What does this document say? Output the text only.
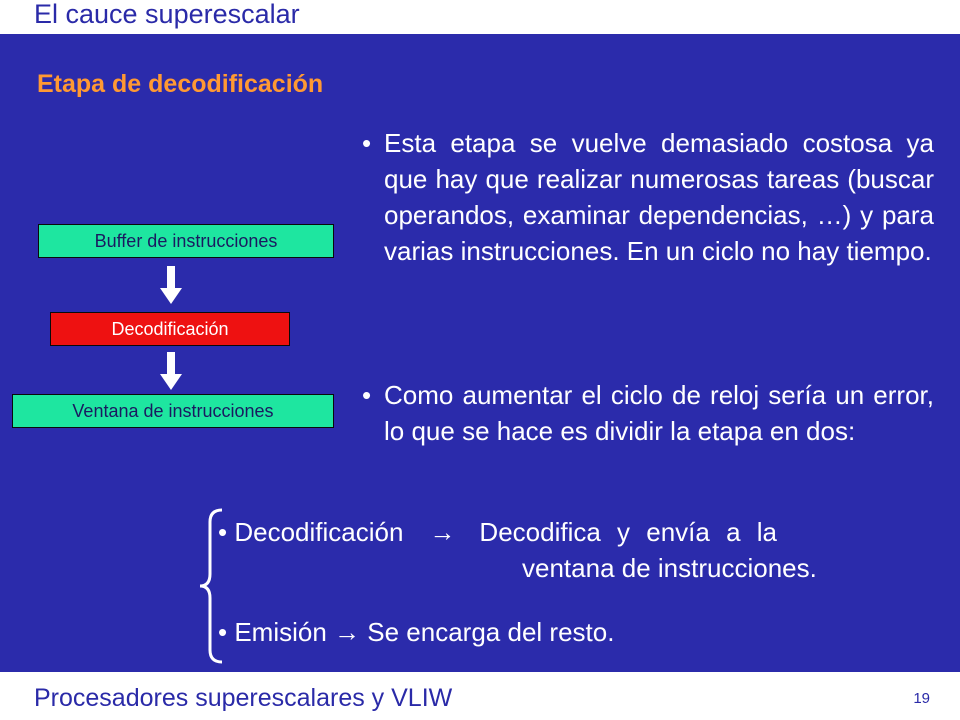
El cauce superescalar
Etapa de decodificación
Buffer de instrucciones
Decodificación
Ventana de instrucciones
• Esta etapa se vuelve demasiado costosa ya que hay que realizar numerosas tareas (buscar operandos, examinar dependencias, …) y para varias instrucciones. En un ciclo no hay tiempo.
• Como aumentar el ciclo de reloj sería un error, lo que se hace es dividir la etapa en dos:
• Decodificación → Decodifica y envía a la
ventana de instrucciones.
• Emisión → Se encarga del resto.
Procesadores superescalares y VLIW	19
